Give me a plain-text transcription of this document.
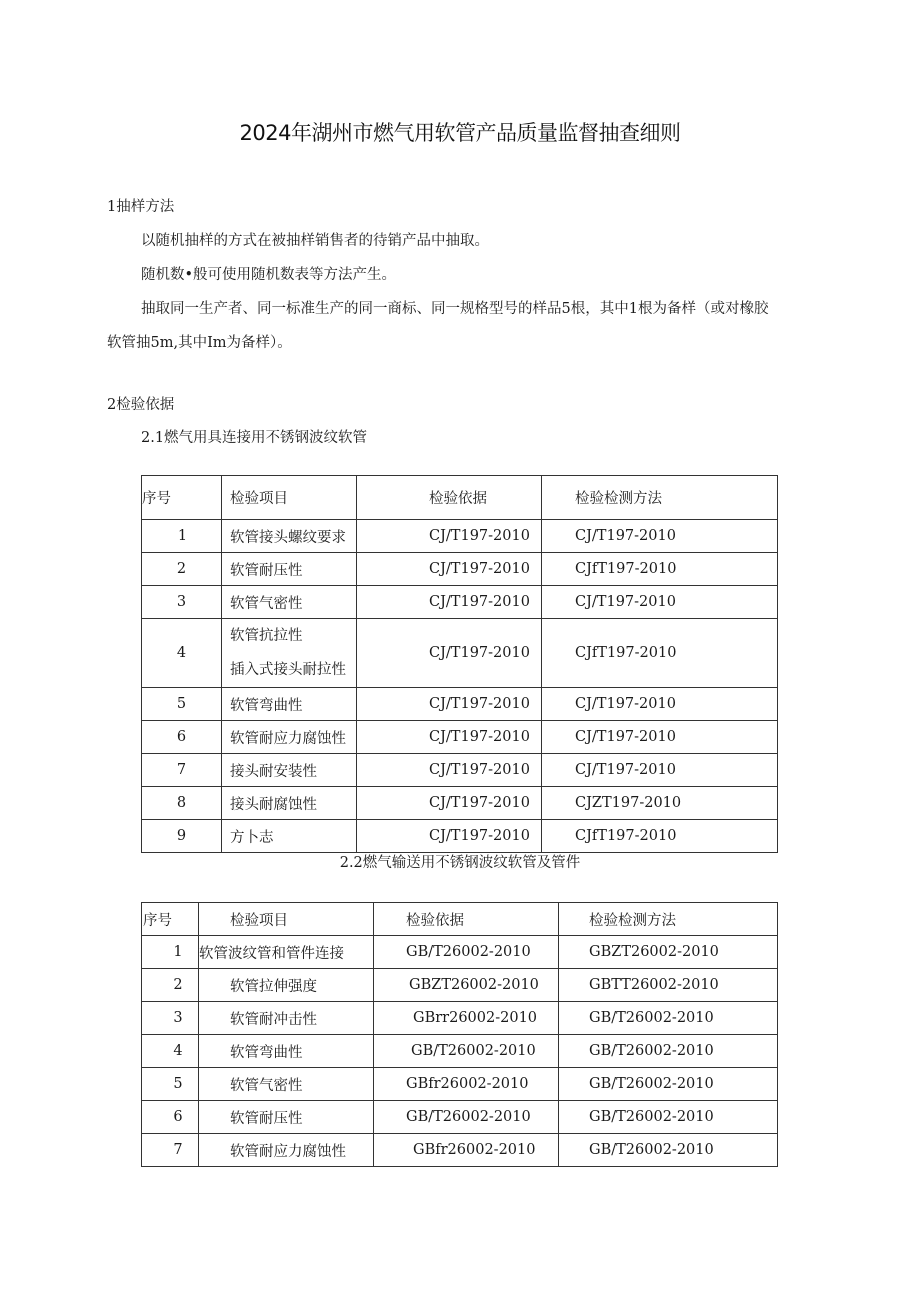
2024年湖州市燃气用软管产品质量监督抽查细则
1抽样方法
以随机抽样的方式在被抽样销售者的待销产品中抽取。
随机数•般可使用随机数表等方法产生。
抽取同一生产者、同一标准生产的同一商标、同一规格型号的样品5根，其中1根为备样（或对橡胶
软管抽5m,其中Im为备样）。
2检验依据
2.1燃气用具连接用不锈钢波纹软管
序号	检验项目	检验依据	检验检测方法
1	软管接头螺纹要求	CJ/T197-2010	CJ/T197-2010
2	软管耐压性	CJ/T197-2010	CJfT197-2010
3	软管气密性	CJ/T197-2010	CJ/T197-2010
4	软管抗拉性
插入式接头耐拉性	CJ/T197-2010	CJfT197-2010
5	软管弯曲性	CJ/T197-2010	CJ/T197-2010
6	软管耐应力腐蚀性	CJ/T197-2010	CJ/T197-2010
7	接头耐安装性	CJ/T197-2010	CJ/T197-2010
8	接头耐腐蚀性	CJ/T197-2010	CJZT197-2010
9	方卜志	CJ/T197-2010	CJfT197-2010
2.2燃气输送用不锈钢波纹软管及管件
序号	检验项目	检验依据	检验检测方法
1	软管波纹管和管件连接	GB/T26002-2010	GBZT26002-2010
2	软管拉伸强度	GBZT26002-2010	GBTT26002-2010
3	软管耐冲击性	GBrr26002-2010	GB/T26002-2010
4	软管弯曲性	GB/T26002-2010	GB/T26002-2010
5	软管气密性	GBfr26002-2010	GB/T26002-2010
6	软管耐压性	GB/T26002-2010	GB/T26002-2010
7	软管耐应力腐蚀性	GBfr26002-2010	GB/T26002-2010
